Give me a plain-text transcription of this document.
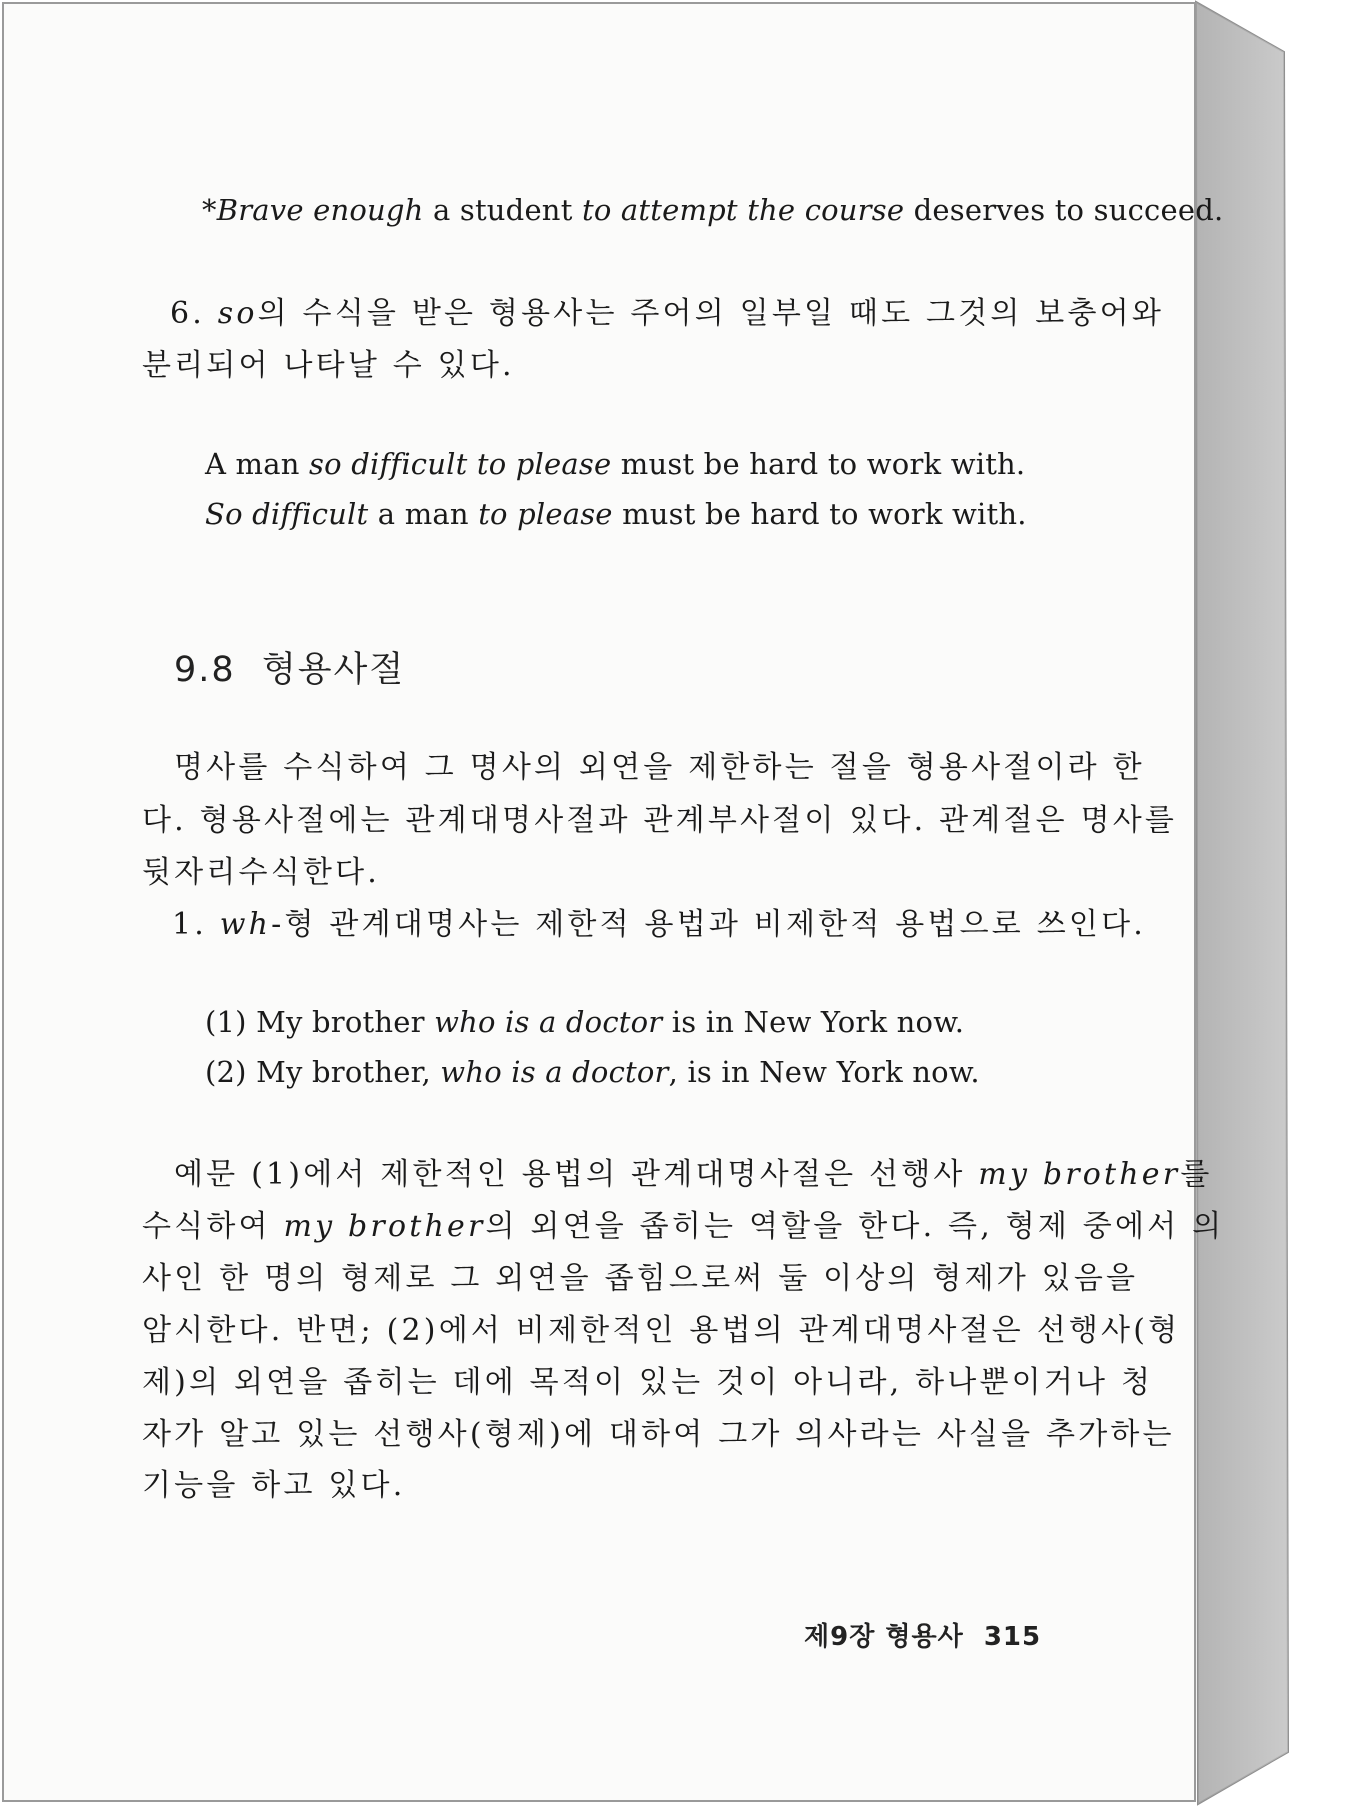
*Brave enough a student to attempt the course deserves to succeed.
6. so의 수식을 받은 형용사는 주어의 일부일 때도 그것의 보충어와
분리되어 나타날 수 있다.
A man so difficult to please must be hard to work with.
So difficult a man to please must be hard to work with.
9.8 형용사절
명사를 수식하여 그 명사의 외연을 제한하는 절을 형용사절이라 한
다. 형용사절에는 관계대명사절과 관계부사절이 있다. 관계절은 명사를
뒷자리수식한다.
1. wh-형 관계대명사는 제한적 용법과 비제한적 용법으로 쓰인다.
(1) My brother who is a doctor is in New York now.
(2) My brother, who is a doctor, is in New York now.
예문 (1)에서 제한적인 용법의 관계대명사절은 선행사 my brother를
수식하여 my brother의 외연을 좁히는 역할을 한다. 즉, 형제 중에서 의
사인 한 명의 형제로 그 외연을 좁힘으로써 둘 이상의 형제가 있음을
암시한다. 반면; (2)에서 비제한적인 용법의 관계대명사절은 선행사(형
제)의 외연을 좁히는 데에 목적이 있는 것이 아니라, 하나뿐이거나 청
자가 알고 있는 선행사(형제)에 대하여 그가 의사라는 사실을 추가하는
기능을 하고 있다.
제9장 형용사 315
